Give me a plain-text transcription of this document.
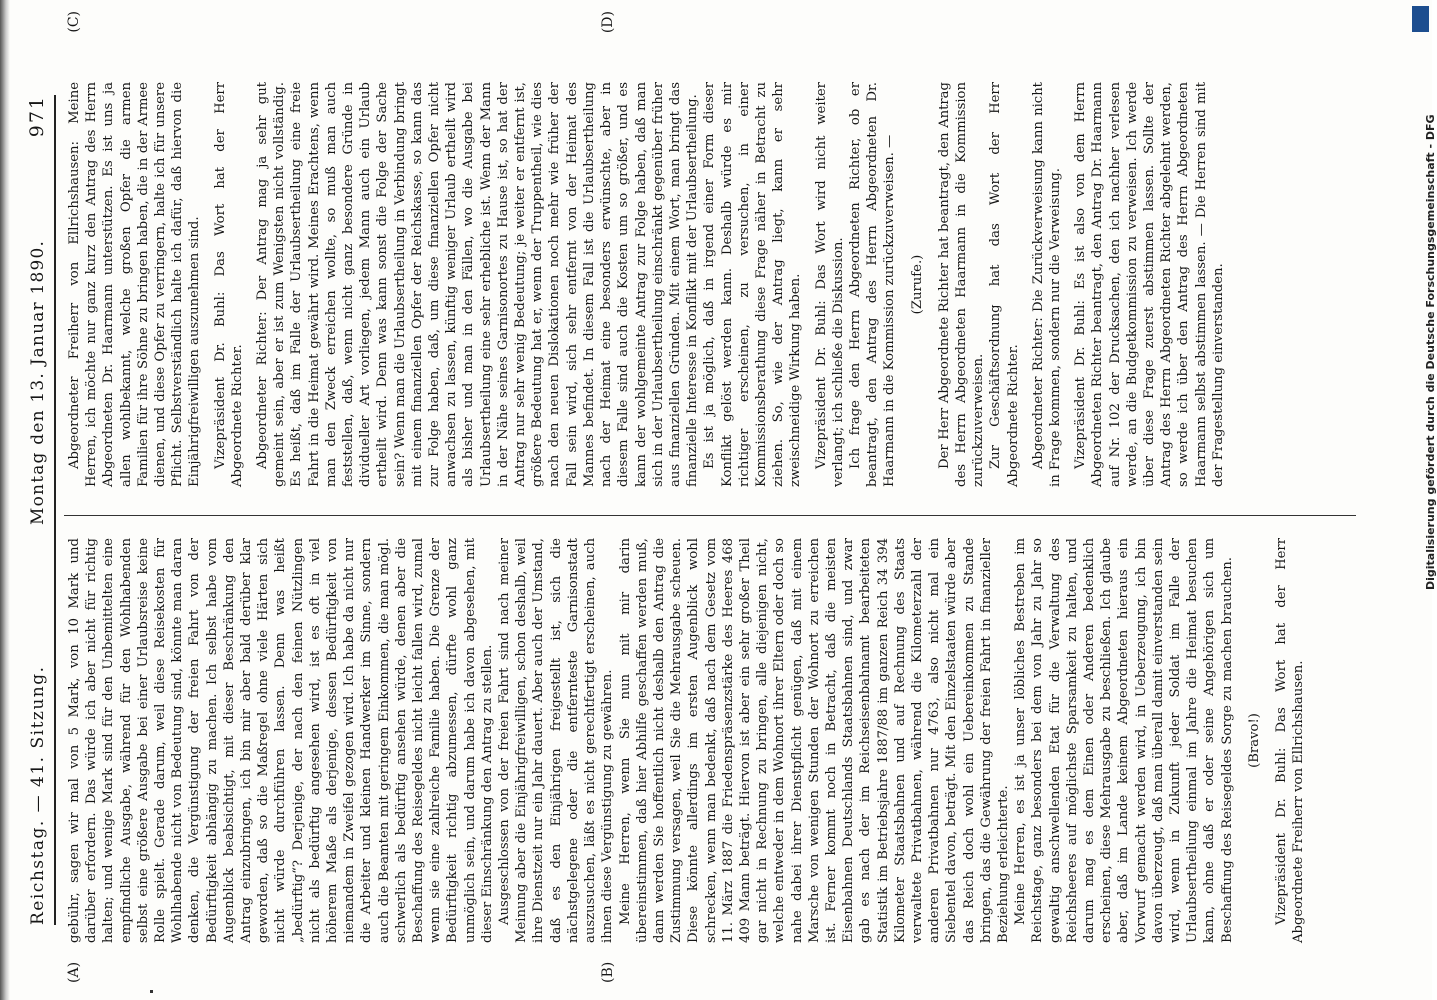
Reichstag. — 41. Sitzung.
Montag den 13. Januar 1890.
971
(A)	(B)
(C)	(D)

gebühr, sagen wir mal von 5 Mark, von 10 Mark und darüber erfordern. Das würde ich aber nicht für richtig halten; und wenige Mark sind für den Unbemittelten eine empfindliche Ausgabe, während für den Wohlhabenden selbst eine größere Ausgabe bei einer Urlaubsreise keine Rolle spielt. Gerade darum, weil diese Reisekosten für Wohlhabende nicht von Bedeutung sind, könnte man daran denken, die Vergünstigung der freien Fahrt von der Bedürftigkeit abhängig zu machen. Ich selbst habe vom Augenblick beabsichtigt, mit dieser Beschränkung den Antrag einzubringen, ich bin mir aber bald derüber klar geworden, daß so die Maßregel ohne viele Härten sich nicht würde durchführen lassen. Denn was heißt „bedürftig“? Derjenige, der nach den feinen Nützlingen nicht als bedürftig angesehen wird, ist es oft in viel höherem Maße als derjenige, dessen Bedürftigkeit von niemandem in Zweifel gezogen wird. Ich habe da nicht nur die Arbeiter und kleinen Handwerker im Sinne, sondern auch die Beamten mit geringem Einkommen, die man mögl. schwerlich als bedürftig ansehen würde, denen aber die Beschaffung des Reisegeldes nicht leicht fallen wird, zumal wenn sie eine zahlreiche Familie haben. Die Grenze der Bedürftigkeit richtig abzumessen, dürfte wohl ganz unmöglich sein, und darum habe ich davon abgesehen, mit dieser Einschränkung den Antrag zu stellen. Ausgeschlossen von der freien Fahrt sind nach meiner Meinung aber die Einjährigfreiwilligen, schon deshalb, weil ihre Dienstzeit nur ein Jahr dauert. Aber auch der Umstand, daß es den Einjährigen freigestellt ist, sich die nächstgelegene oder die entfernteste Garnisonstadt auszusuchen, läßt es nicht gerechtfertigt erscheinen, auch ihnen diese Vergünstigung zu gewähren. Meine Herren, wenn Sie nun mit mir darin übereinstimmen, daß hier Abhilfe geschaffen werden muß, dann werden Sie hoffentlich nicht deshalb den Antrag die Zustimmung versagen, weil Sie die Mehrausgabe scheuen. Diese könnte allerdings im ersten Augenblick wohl schrecken, wenn man bedenkt, daß nach dem Gesetz vom 11. März 1887 die Friedenspräsenzstärke des Heeres 468 409 Mann beträgt. Hiervon ist aber ein sehr großer Theil gar nicht in Rechnung zu bringen, alle diejenigen nicht, welche entweder in dem Wohnort ihrer Eltern oder doch so nahe dabei ihrer Dienstpflicht genügen, daß mit einem Marsche von wenigen Stunden der Wohnort zu erreichen ist. Ferner kommt noch in Betracht, daß die meisten Eisenbahnen Deutschlands Staatsbahnen sind, und zwar gab es nach der im Reichseisenbahnamt bearbeiteten Statistik im Betriebsjahre 1887/88 im ganzen Reich 34 394 Kilometer Staatsbahnen und auf Rechnung des Staats verwaltete Privatbahnen, während die Kilometerzahl der anderen Privatbahnen nur 4763, also nicht mal ein Siebentel davon, beträgt. Mit den Einzelstaaten würde aber das Reich doch wohl ein Uebereinkommen zu Stande bringen, das die Gewährung der freien Fahrt in finanzieller Beziehung erleichterte. Meine Herren, es ist ja unser löbliches Bestreben im Reichstage, ganz besonders bei dem von Jahr zu Jahr so gewaltig anschwellenden Etat für die Verwaltung des Reichsheeres auf möglichste Sparsamkeit zu halten, und darum mag es dem Einen oder Anderen bedenklich erscheinen, diese Mehrausgabe zu beschließen. Ich glaube aber, daß im Lande keinem Abgeordneten hieraus ein Vorwurf gemacht werden wird, in Ueberzeugung, ich bin davon überzeugt, daß man überall damit einverstanden sein wird, wenn in Zukunft jeder Soldat im Falle der Urlaubsertheilung einmal im Jahre die Heimat besuchen kann, ohne daß er oder seine Angehörigen sich um Beschaffung des Reisegeldes Sorge zu machen brauchen. (Bravo!) Vizepräsident Dr. Buhl: Das Wort hat der Herr Abgeordnete Freiherr von Ellrichshausen.

Abgeordneter Freiherr von Ellrichshausen: Meine Herren, ich möchte nur ganz kurz den Antrag des Herrn Abgeordneten Dr. Haarmann unterstützen. Es ist uns ja allen wohlbekannt, welche großen Opfer die armen Familien für ihre Söhne zu bringen haben, die in der Armee dienen, und diese Opfer zu verringern, halte ich für unsere Pflicht. Selbstverständlich halte ich dafür, daß hiervon die Einjährigfreiwilligen auszunehmen sind. Vizepräsident Dr. Buhl: Das Wort hat der Herr Abgeordnete Richter. Abgeordneter Richter: Der Antrag mag ja sehr gut gemeint sein, aber er ist zum Wenigsten nicht vollständig. Es heißt, daß im Falle der Urlaubsertheilung eine freie Fahrt in die Heimat gewährt wird. Meines Erachtens, wenn man den Zweck erreichen wollte, so muß man auch feststellen, daß, wenn nicht ganz besondere Gründe in dividueller Art vorliegen, jedem Mann auch ein Urlaub ertheilt wird. Denn was kann sonst die Folge der Sache sein? Wenn man die Urlaubsertheilung in Verbindung bringt mit einem finanziellen Opfer der Reichskasse, so kann das zur Folge haben, daß, um diese finanziellen Opfer nicht anwachsen zu lassen, künftig weniger Urlaub ertheilt wird als bisher und man in den Fällen, wo die Ausgabe bei Urlaubsertheilung eine sehr erhebliche ist. Wenn der Mann in der Nähe seines Garnisonortes zu Hause ist, so hat der Antrag nur sehr wenig Bedeutung; je weiter er entfernt ist, größere Bedeutung hat er, wenn der Truppentheil, wie dies nach den neuen Dislokationen noch mehr wie früher der Fall sein wird, sich sehr entfernt von der Heimat des Mannes befindet. In diesem Fall ist die Urlaubsertheilung nach der Heimat eine besonders erwünschte, aber in diesem Falle sind auch die Kosten um so größer, und es kann der wohlgemeinte Antrag zur Folge haben, daß man sich in der Urlaubsertheilung einschränkt gegenüber früher aus finanziellen Gründen. Mit einem Wort, man bringt das finanzielle Interesse in Konflikt mit der Urlaubsertheilung. Es ist ja möglich, daß in irgend einer Form dieser Konflikt gelöst werden kann. Deshalb würde es mir richtiger erscheinen, zu versuchen, in einer Kommissionsberathung diese Frage näher in Betracht zu ziehen. So, wie der Antrag liegt, kann er sehr zweischneidige Wirkung haben. Vizepräsident Dr. Buhl: Das Wort wird nicht weiter verlangt; ich schließe die Diskussion. Ich frage den Herrn Abgeordneten Richter, ob er beantragt, den Antrag des Herrn Abgeordneten Dr. Haarmann in die Kommission zurückzuverweisen. — (Zurufe.) Der Herr Abgeordnete Richter hat beantragt, den Antrag des Herrn Abgeordneten Haarmann in die Kommission zurückzuverweisen. Zur Geschäftsordnung hat das Wort der Herr Abgeordnete Richter. Abgeordneter Richter: Die Zurückverweisung kann nicht in Frage kommen, sondern nur die Verweisung. Vizepräsident Dr. Buhl: Es ist also von dem Herrn Abgeordneten Richter beantragt, den Antrag Dr. Haarmann auf Nr. 102 der Drucksachen, den ich nachher verlesen werde, an die Budgetkommission zu verweisen. Ich werde über diese Frage zuerst abstimmen lassen. Sollte der Antrag des Herrn Abgeordneten Richter abgelehnt werden, so werde ich über den Antrag des Herrn Abgeordneten Haarmann selbst abstimmen lassen. — Die Herren sind mit der Fragestellung einverstanden.	Digitalisierung gefördert durch die Deutsche Forschungsgemeinschaft - DFG
